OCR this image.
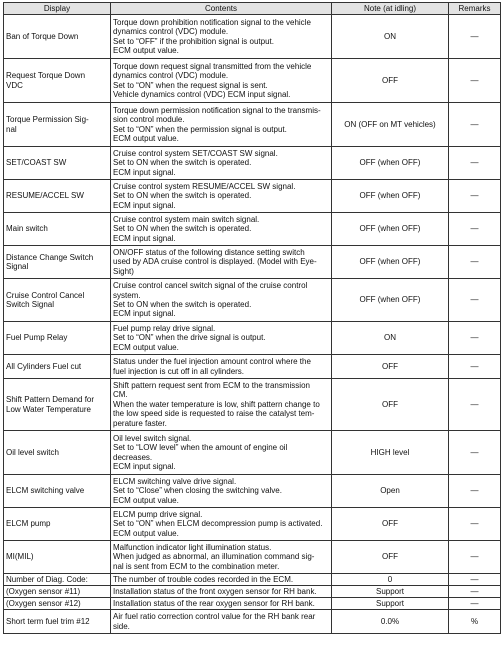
Display	Contents	Note (at idling)	Remarks

Ban of Torque Down	Torque down prohibition notification signal to the vehicle
dynamics control (VDC) module.
Set to “OFF” if the prohibition signal is output.
ECM output value.	ON	—

Request Torque Down
VDC	Torque down request signal transmitted from the vehicle
dynamics control (VDC) module.
Set to “ON” when the request signal is sent.
Vehicle dynamics control (VDC) ECM input signal.	OFF	—

Torque Permission Sig-
nal	Torque down permission notification signal to the transmis-
sion control module.
Set to “ON” when the permission signal is output.
ECM output value.	ON (OFF on MT vehicles)	—

SET/COAST SW	Cruise control system SET/COAST SW signal.
Set to ON when the switch is operated.
ECM input signal.	OFF (when OFF)	—

RESUME/ACCEL SW	Cruise control system RESUME/ACCEL SW signal.
Set to ON when the switch is operated.
ECM input signal.	OFF (when OFF)	—

Main switch	Cruise control system main switch signal.
Set to ON when the switch is operated.
ECM input signal.	OFF (when OFF)	—

Distance Change Switch
Signal	ON/OFF status of the following distance setting switch
used by ADA cruise control is displayed. (Model with Eye-
Sight)	OFF (when OFF)	—

Cruise Control Cancel
Switch Signal	Cruise control cancel switch signal of the cruise control
system.
Set to ON when the switch is operated.
ECM input signal.	OFF (when OFF)	—

Fuel Pump Relay	Fuel pump relay drive signal.
Set to “ON” when the drive signal is output.
ECM output value.	ON	—

All Cylinders Fuel cut	Status under the fuel injection amount control where the
fuel injection is cut off in all cylinders.	OFF	—

Shift Pattern Demand for
Low Water Temperature	Shift pattern request sent from ECM to the transmission
CM.
When the water temperature is low, shift pattern change to
the low speed side is requested to raise the catalyst tem-
perature faster.	OFF	—

Oil level switch	Oil level switch signal.
Set to “LOW level” when the amount of engine oil
decreases.
ECM input signal.	HIGH level	—

ELCM switching valve	ELCM switching valve drive signal.
Set to “Close” when closing the switching valve.
ECM output value.	Open	—

ELCM pump	ELCM pump drive signal.
Set to “ON” when ELCM decompression pump is activated.
ECM output value.	OFF	—

MI(MIL)	Malfunction indicator light illumination status.
When judged as abnormal, an illumination command sig-
nal is sent from ECM to the combination meter.	OFF	—

Number of Diag. Code:	The number of trouble codes recorded in the ECM.	0	—

(Oxygen sensor #11)	Installation status of the front oxygen sensor for RH bank.	Support	—

(Oxygen sensor #12)	Installation status of the rear oxygen sensor for RH bank.	Support	—

Short term fuel trim #12	Air fuel ratio correction control value for the RH bank rear
side.	0.0%	%
